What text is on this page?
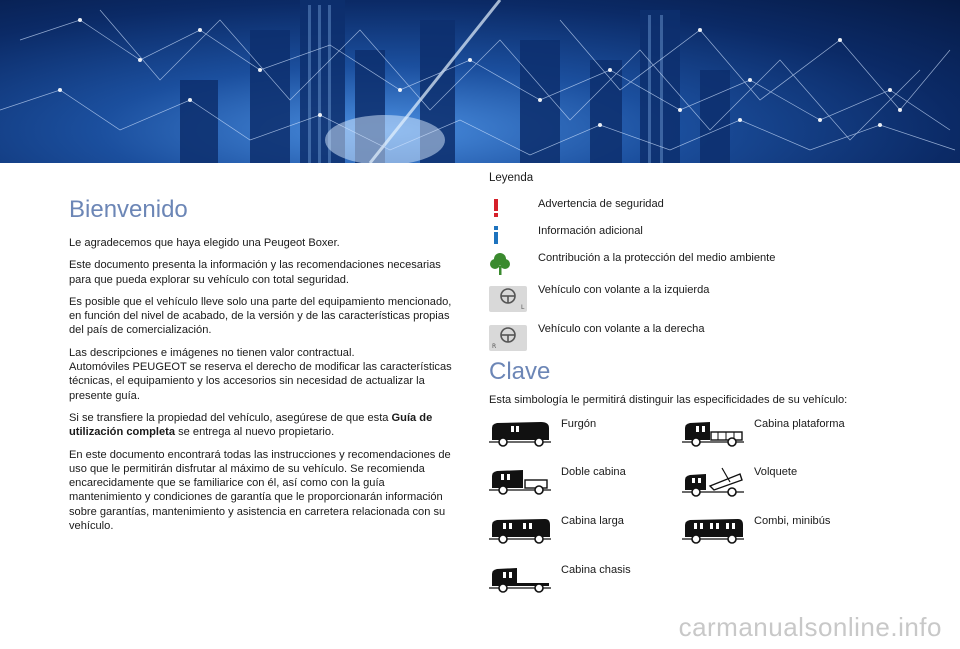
Bienvenido

Le agradecemos que haya elegido una Peugeot Boxer.

Este documento presenta la información y las recomendaciones necesarias para que pueda explorar su vehículo con total seguridad.

Es posible que el vehículo lleve solo una parte del equipamiento mencionado, en función del nivel de acabado, de la versión y de las características propias del país de comercialización.

Las descripciones e imágenes no tienen valor contractual.
Automóviles PEUGEOT se reserva el derecho de modificar las características técnicas, el equipamiento y los accesorios sin necesidad de actualizar la presente guía.

Si se transfiere la propiedad del vehículo, asegúrese de que esta Guía de utilización completa se entrega al nuevo propietario.

En este documento encontrará todas las instrucciones y recomendaciones de uso que le permitirán disfrutar al máximo de su vehículo. Se recomienda encarecidamente que se familiarice con él, así como con la guía mantenimiento y condiciones de garantía que le proporcionarán información sobre garantías, mantenimiento y asistencia en carretera relacionada con su vehículo.

Leyenda
Advertencia de seguridad
Información adicional
Contribución a la protección del medio ambiente
L
Vehículo con volante a la izquierda
R
Vehículo con volante a la derecha
Clave
Esta simbología le permitirá distinguir las especificidades de su vehículo:
Furgón
Doble cabina
Cabina larga
Cabina chasis
Cabina plataforma
Volquete
Combi, minibús
carmanualsonline.info
